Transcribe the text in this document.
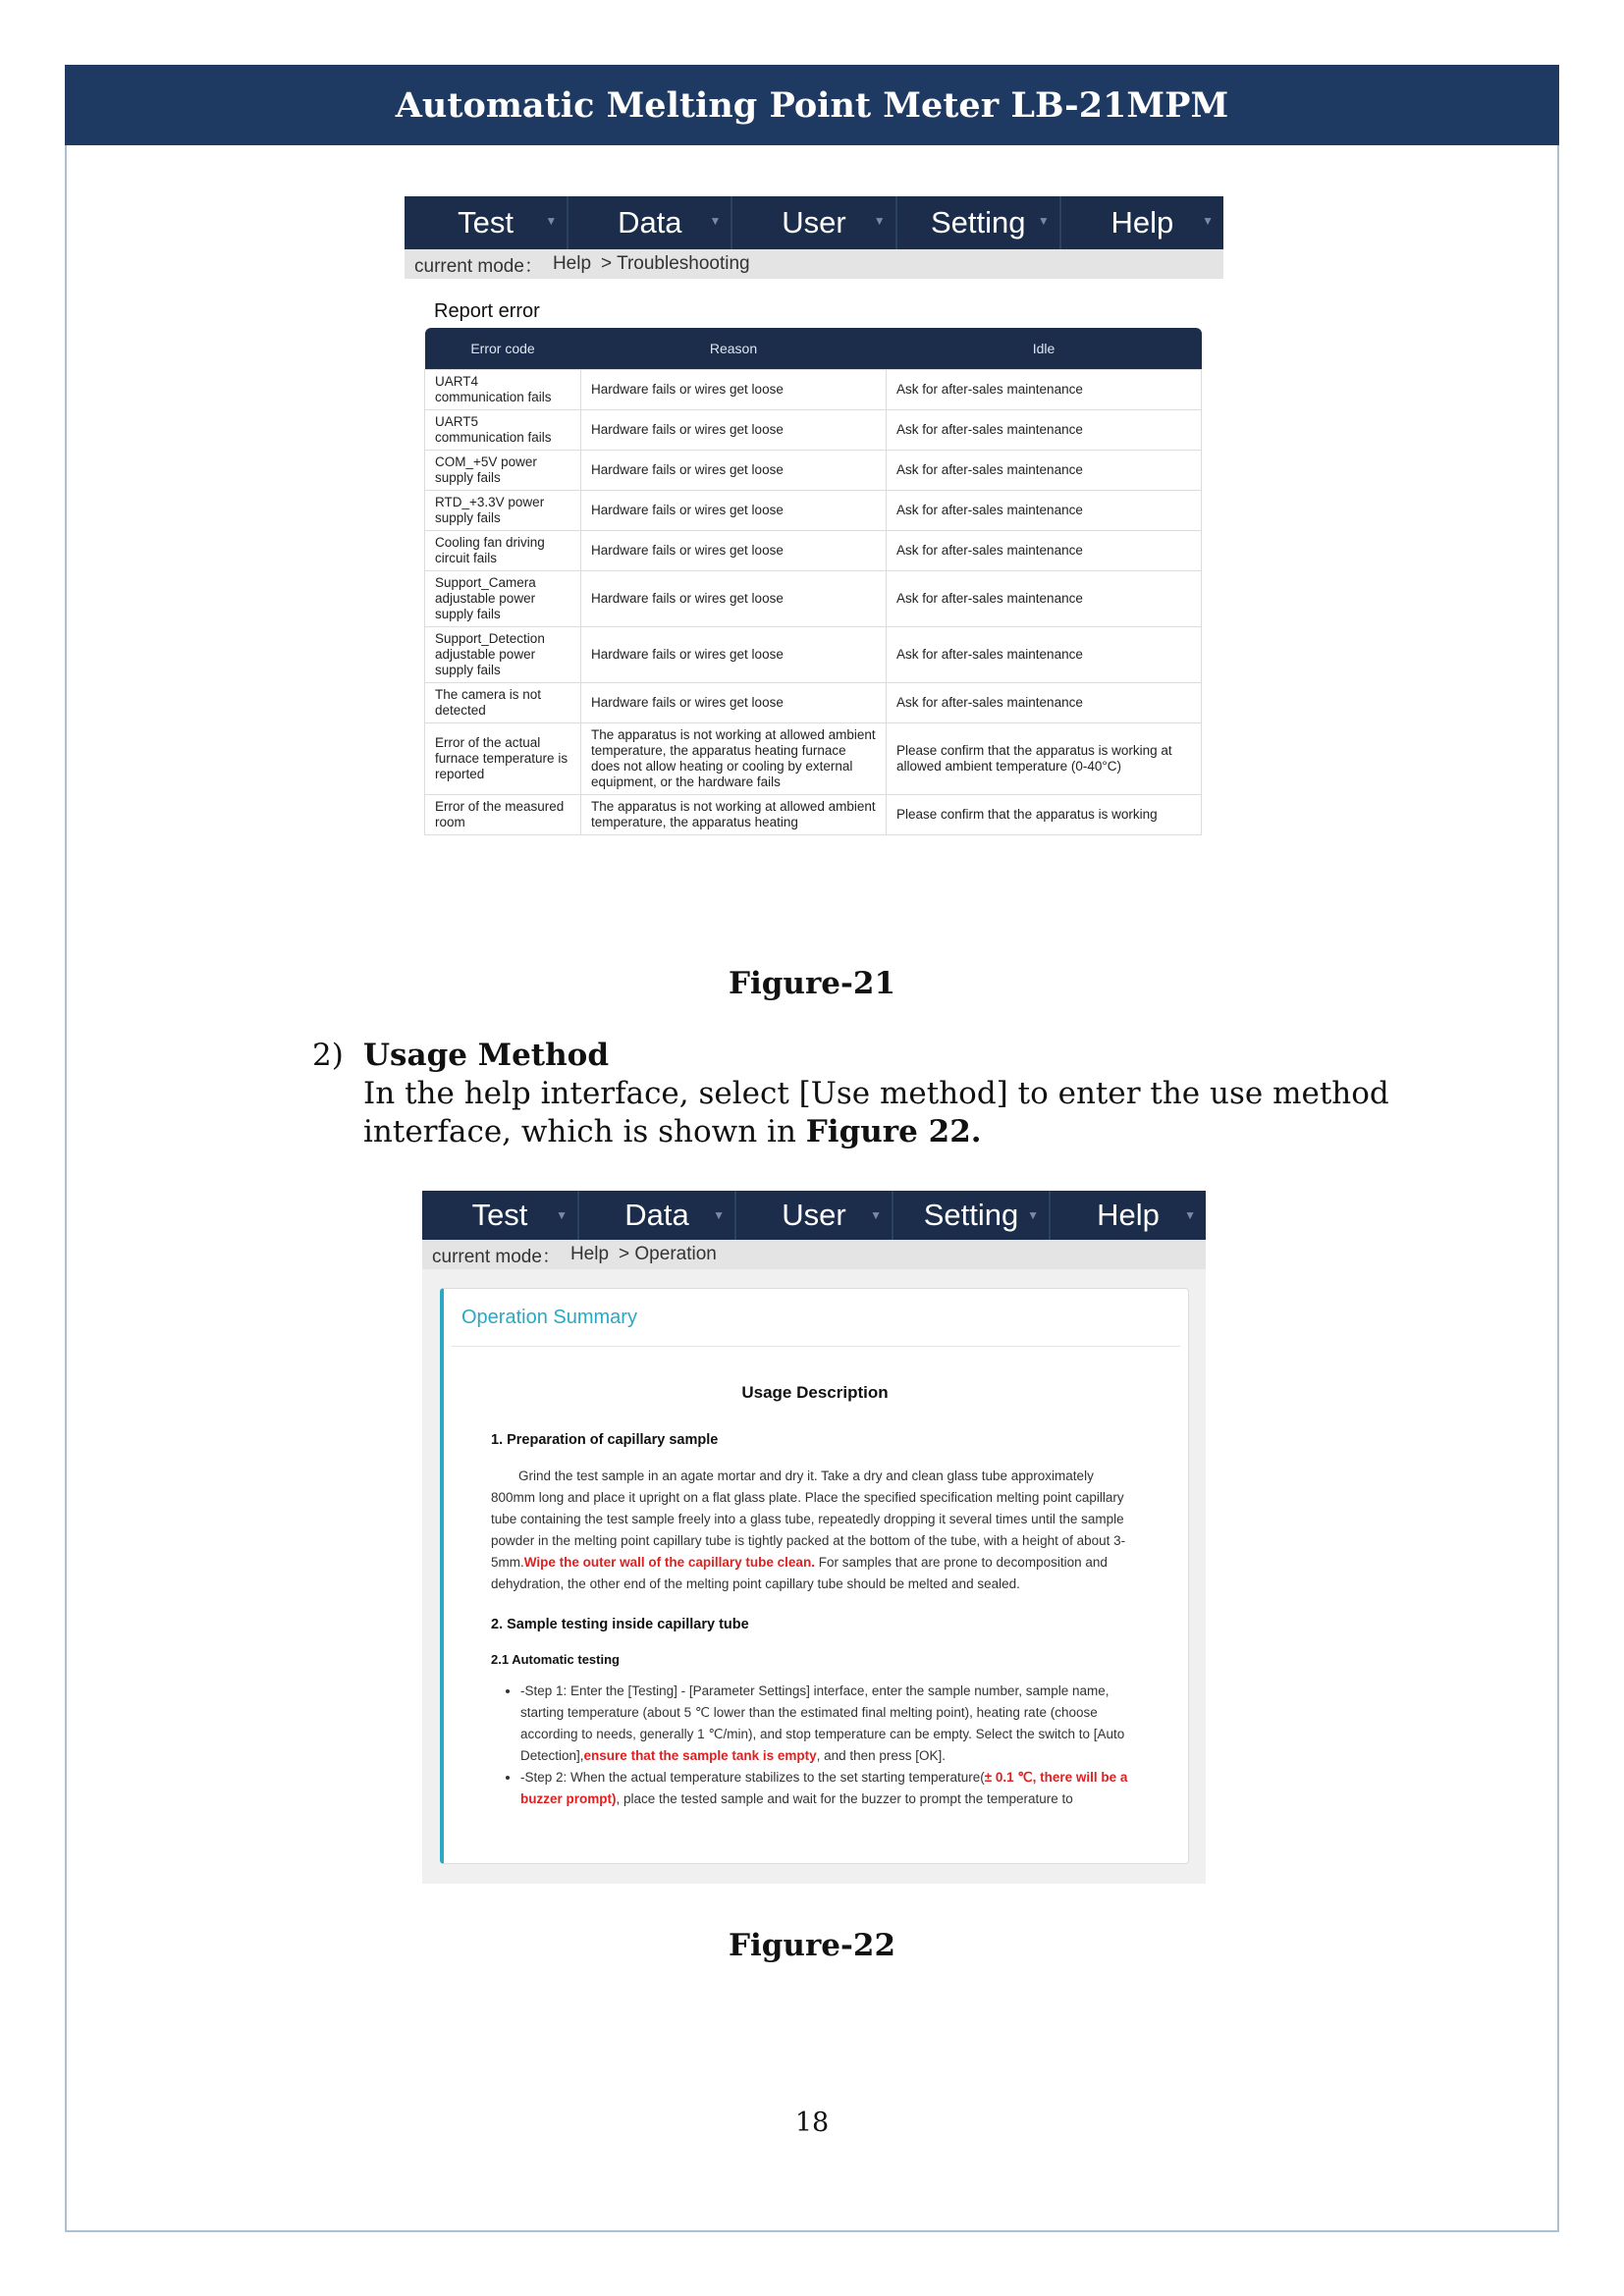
Automatic Melting Point Meter LB-21MPM
Test	▼ Data ▼ User ▼ Setting ▼ Help ▼
current mode： Help > Troubleshooting
Report error
Error code	Reason	Idle
UART4 communication fails	Hardware fails or wires get loose	Ask for after-sales maintenance
UART5 communication fails	Hardware fails or wires get loose	Ask for after-sales maintenance
COM_+5V power supply fails	Hardware fails or wires get loose	Ask for after-sales maintenance
RTD_+3.3V power supply fails	Hardware fails or wires get loose	Ask for after-sales maintenance
Cooling fan driving circuit fails	Hardware fails or wires get loose	Ask for after-sales maintenance
Support_Camera adjustable power supply fails	Hardware fails or wires get loose	Ask for after-sales maintenance
Support_Detection adjustable power supply fails	Hardware fails or wires get loose	Ask for after-sales maintenance
The camera is not detected	Hardware fails or wires get loose	Ask for after-sales maintenance
Error of the actual furnace temperature is reported	The apparatus is not working at allowed ambient temperature, the apparatus heating furnace does not allow heating or cooling by external equipment, or the hardware fails	Please confirm that the apparatus is working at allowed ambient temperature (0-40°C)
Error of the measured room	The apparatus is not working at allowed ambient temperature, the apparatus heating	Please confirm that the apparatus is working
Figure-21
2) Usage Method
In the help interface, select [Use method] to enter the use method interface, which is shown in Figure 22.
Test ▼ Data ▼ User ▼ Setting ▼ Help ▼
current mode： Help > Operation
Operation Summary
Usage Description
1. Preparation of capillary sample

Grind the test sample in an agate mortar and dry it. Take a dry and clean glass tube approximately 800mm long and place it upright on a flat glass plate. Place the specified specification melting point capillary tube containing the test sample freely into a glass tube, repeatedly dropping it several times until the sample powder in the melting point capillary tube is tightly packed at the bottom of the tube, with a height of about 3-5mm.Wipe the outer wall of the capillary tube clean. For samples that are prone to decomposition and dehydration, the other end of the melting point capillary tube should be melted and sealed.

2. Sample testing inside capillary tube
2.1 Automatic testing
• -Step 1: Enter the [Testing] - [Parameter Settings] interface, enter the sample number, sample name, starting temperature (about 5 ℃ lower than the estimated final melting point), heating rate (choose according to needs, generally 1 ℃/min), and stop temperature can be empty. Select the switch to [Auto Detection],ensure that the sample tank is empty, and then press [OK].
• -Step 2: When the actual temperature stabilizes to the set starting temperature(± 0.1 ℃, there will be a buzzer prompt), place the tested sample and wait for the buzzer to prompt the temperature to
Figure-22
18
